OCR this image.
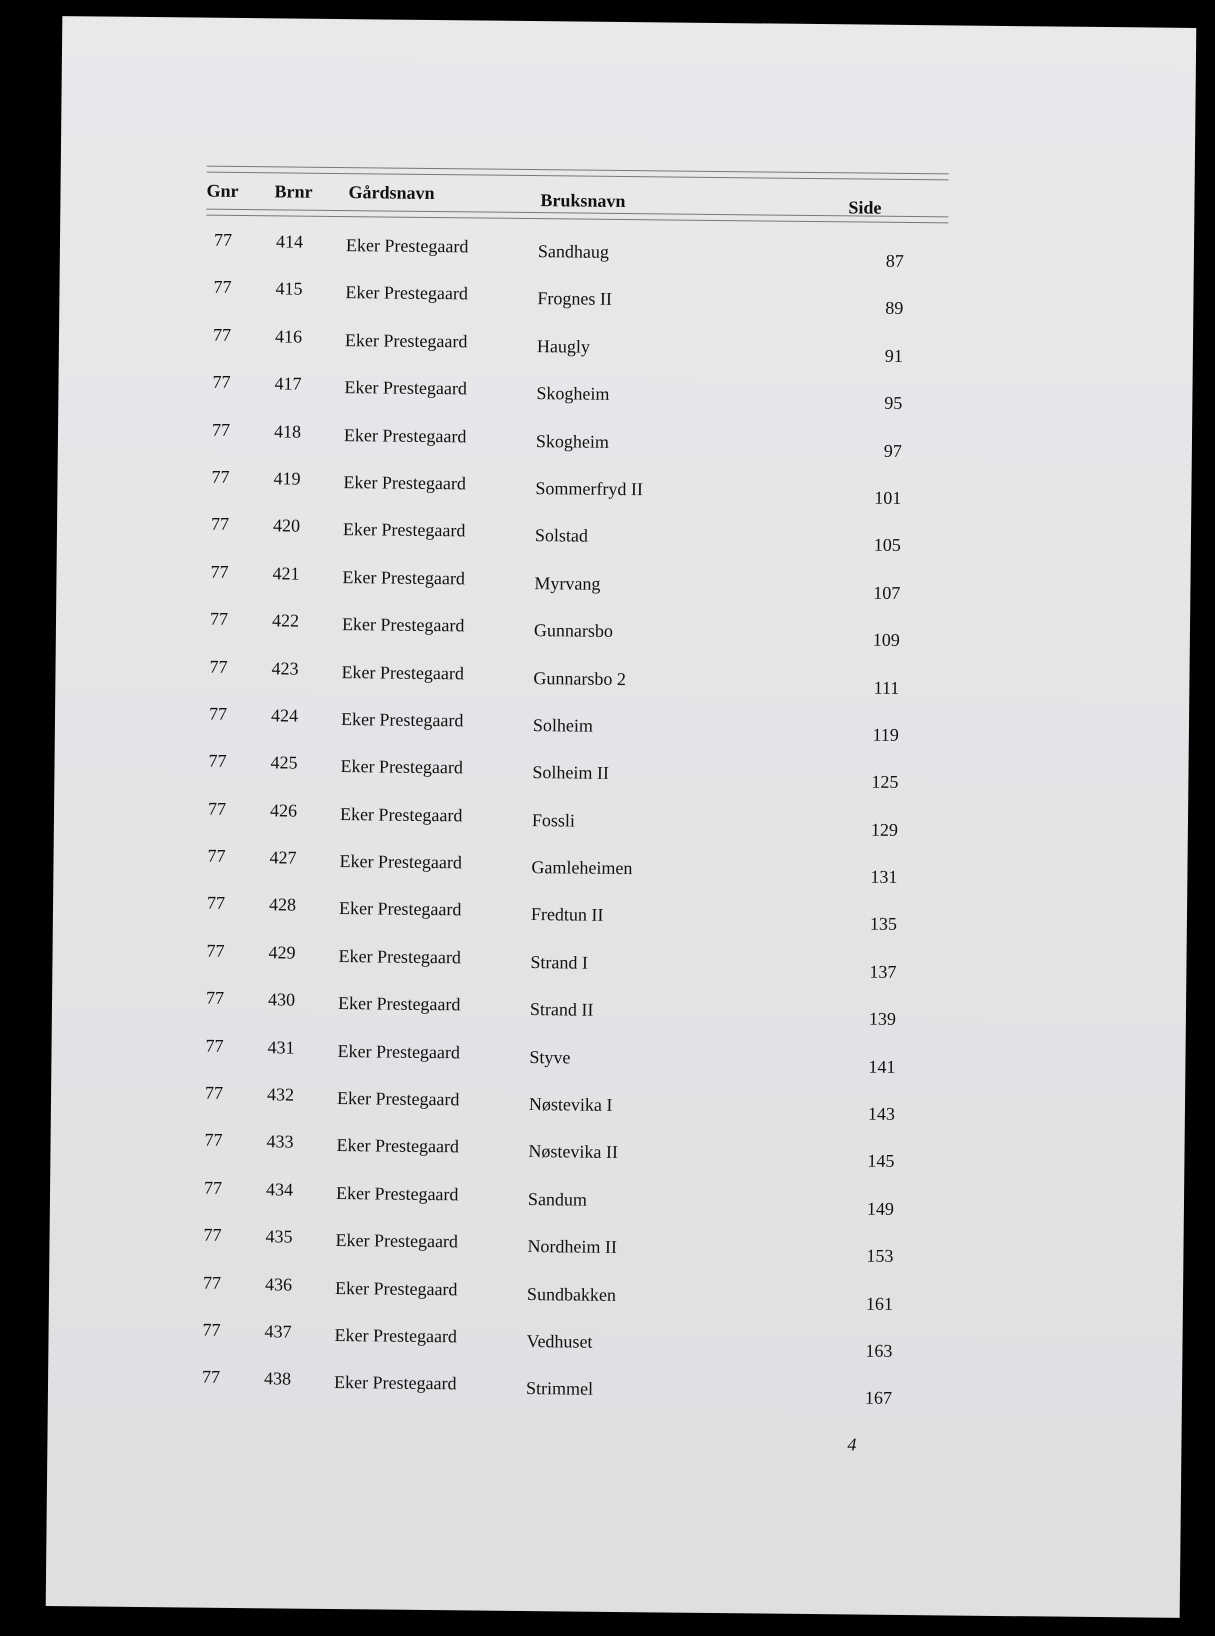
Gnr Brnr Gårdsnavn	Bruksnavn	Side
77	414	Eker Prestegaard	Sandhaug	87
77	415	Eker Prestegaard	Frognes II	89
77	416	Eker Prestegaard	Haugly	91
77	417	Eker Prestegaard	Skogheim	95
77	418	Eker Prestegaard	Skogheim	97
77	419	Eker Prestegaard	Sommerfryd II	101
77	420	Eker Prestegaard	Solstad	105
77	421	Eker Prestegaard	Myrvang	107
77	422	Eker Prestegaard	Gunnarsbo	109
77	423	Eker Prestegaard	Gunnarsbo 2	111
77	424	Eker Prestegaard	Solheim	119
77	425	Eker Prestegaard	Solheim II	125
77	426	Eker Prestegaard	Fossli	129
77	427	Eker Prestegaard	Gamleheimen	131
77	428	Eker Prestegaard	Fredtun II	135
77	429	Eker Prestegaard	Strand I	137
77	430	Eker Prestegaard	Strand II	139
77	431	Eker Prestegaard	Styve	141
77	432	Eker Prestegaard	Nøstevika I	143
77	433	Eker Prestegaard	Nøstevika II	145
77	434	Eker Prestegaard	Sandum	149
77	435	Eker Prestegaard	Nordheim II	153
77	436	Eker Prestegaard	Sundbakken	161
77	437	Eker Prestegaard	Vedhuset	163
77	438	Eker Prestegaard	Strimmel	167
4
